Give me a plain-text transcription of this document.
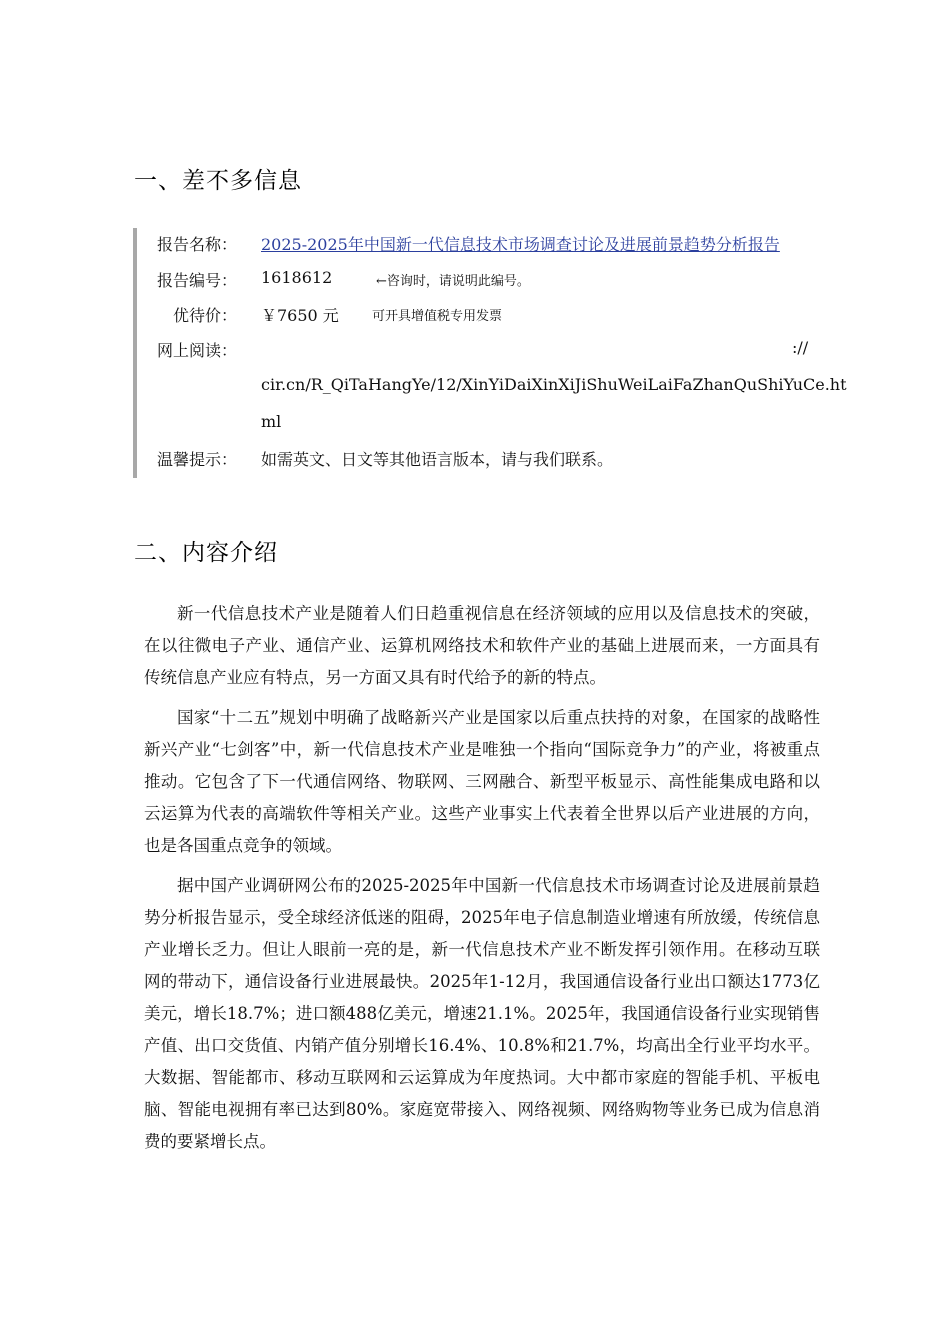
一、差不多信息
报告名称： 2025-2025年中国新一代信息技术市场调查讨论及进展前景趋势分析报告
报告编号： 1618612	←咨询时，请说明此编号。
优待价： ￥7650 元	可开具增值税专用发票
网上阅读：	://
cir.cn/R_QiTaHangYe/12/XinYiDaiXinXiJiShuWeiLaiFaZhanQuShiYuCe.ht
ml
温馨提示： 如需英文、日文等其他语言版本，请与我们联系。
二、内容介绍

新一代信息技术产业是随着人们日趋重视信息在经济领域的应用以及信息技术的突破，在以往微电子产业、通信产业、运算机网络技术和软件产业的基础上进展而来，一方面具有传统信息产业应有特点，另一方面又具有时代给予的新的特点。

国家“十二五”规划中明确了战略新兴产业是国家以后重点扶持的对象，在国家的战略性新兴产业“七剑客”中，新一代信息技术产业是唯独一个指向“国际竞争力”的产业，将被重点推动。它包含了下一代通信网络、物联网、三网融合、新型平板显示、高性能集成电路和以云运算为代表的高端软件等相关产业。这些产业事实上代表着全世界以后产业进展的方向，也是各国重点竞争的领域。

据中国产业调研网公布的2025-2025年中国新一代信息技术市场调查讨论及进展前景趋势分析报告显示，受全球经济低迷的阻碍，2025年电子信息制造业增速有所放缓，传统信息产业增长乏力。但让人眼前一亮的是，新一代信息技术产业不断发挥引领作用。在移动互联网的带动下，通信设备行业进展最快。2025年1-12月，我国通信设备行业出口额达1773亿美元，增长18.7%；进口额488亿美元，增速21.1%。2025年，我国通信设备行业实现销售产值、出口交货值、内销产值分别增长16.4%、10.8%和21.7%，均高出全行业平均水平。大数据、智能都市、移动互联网和云运算成为年度热词。大中都市家庭的智能手机、平板电脑、智能电视拥有率已达到80%。家庭宽带接入、网络视频、网络购物等业务已成为信息消费的要紧增长点。
